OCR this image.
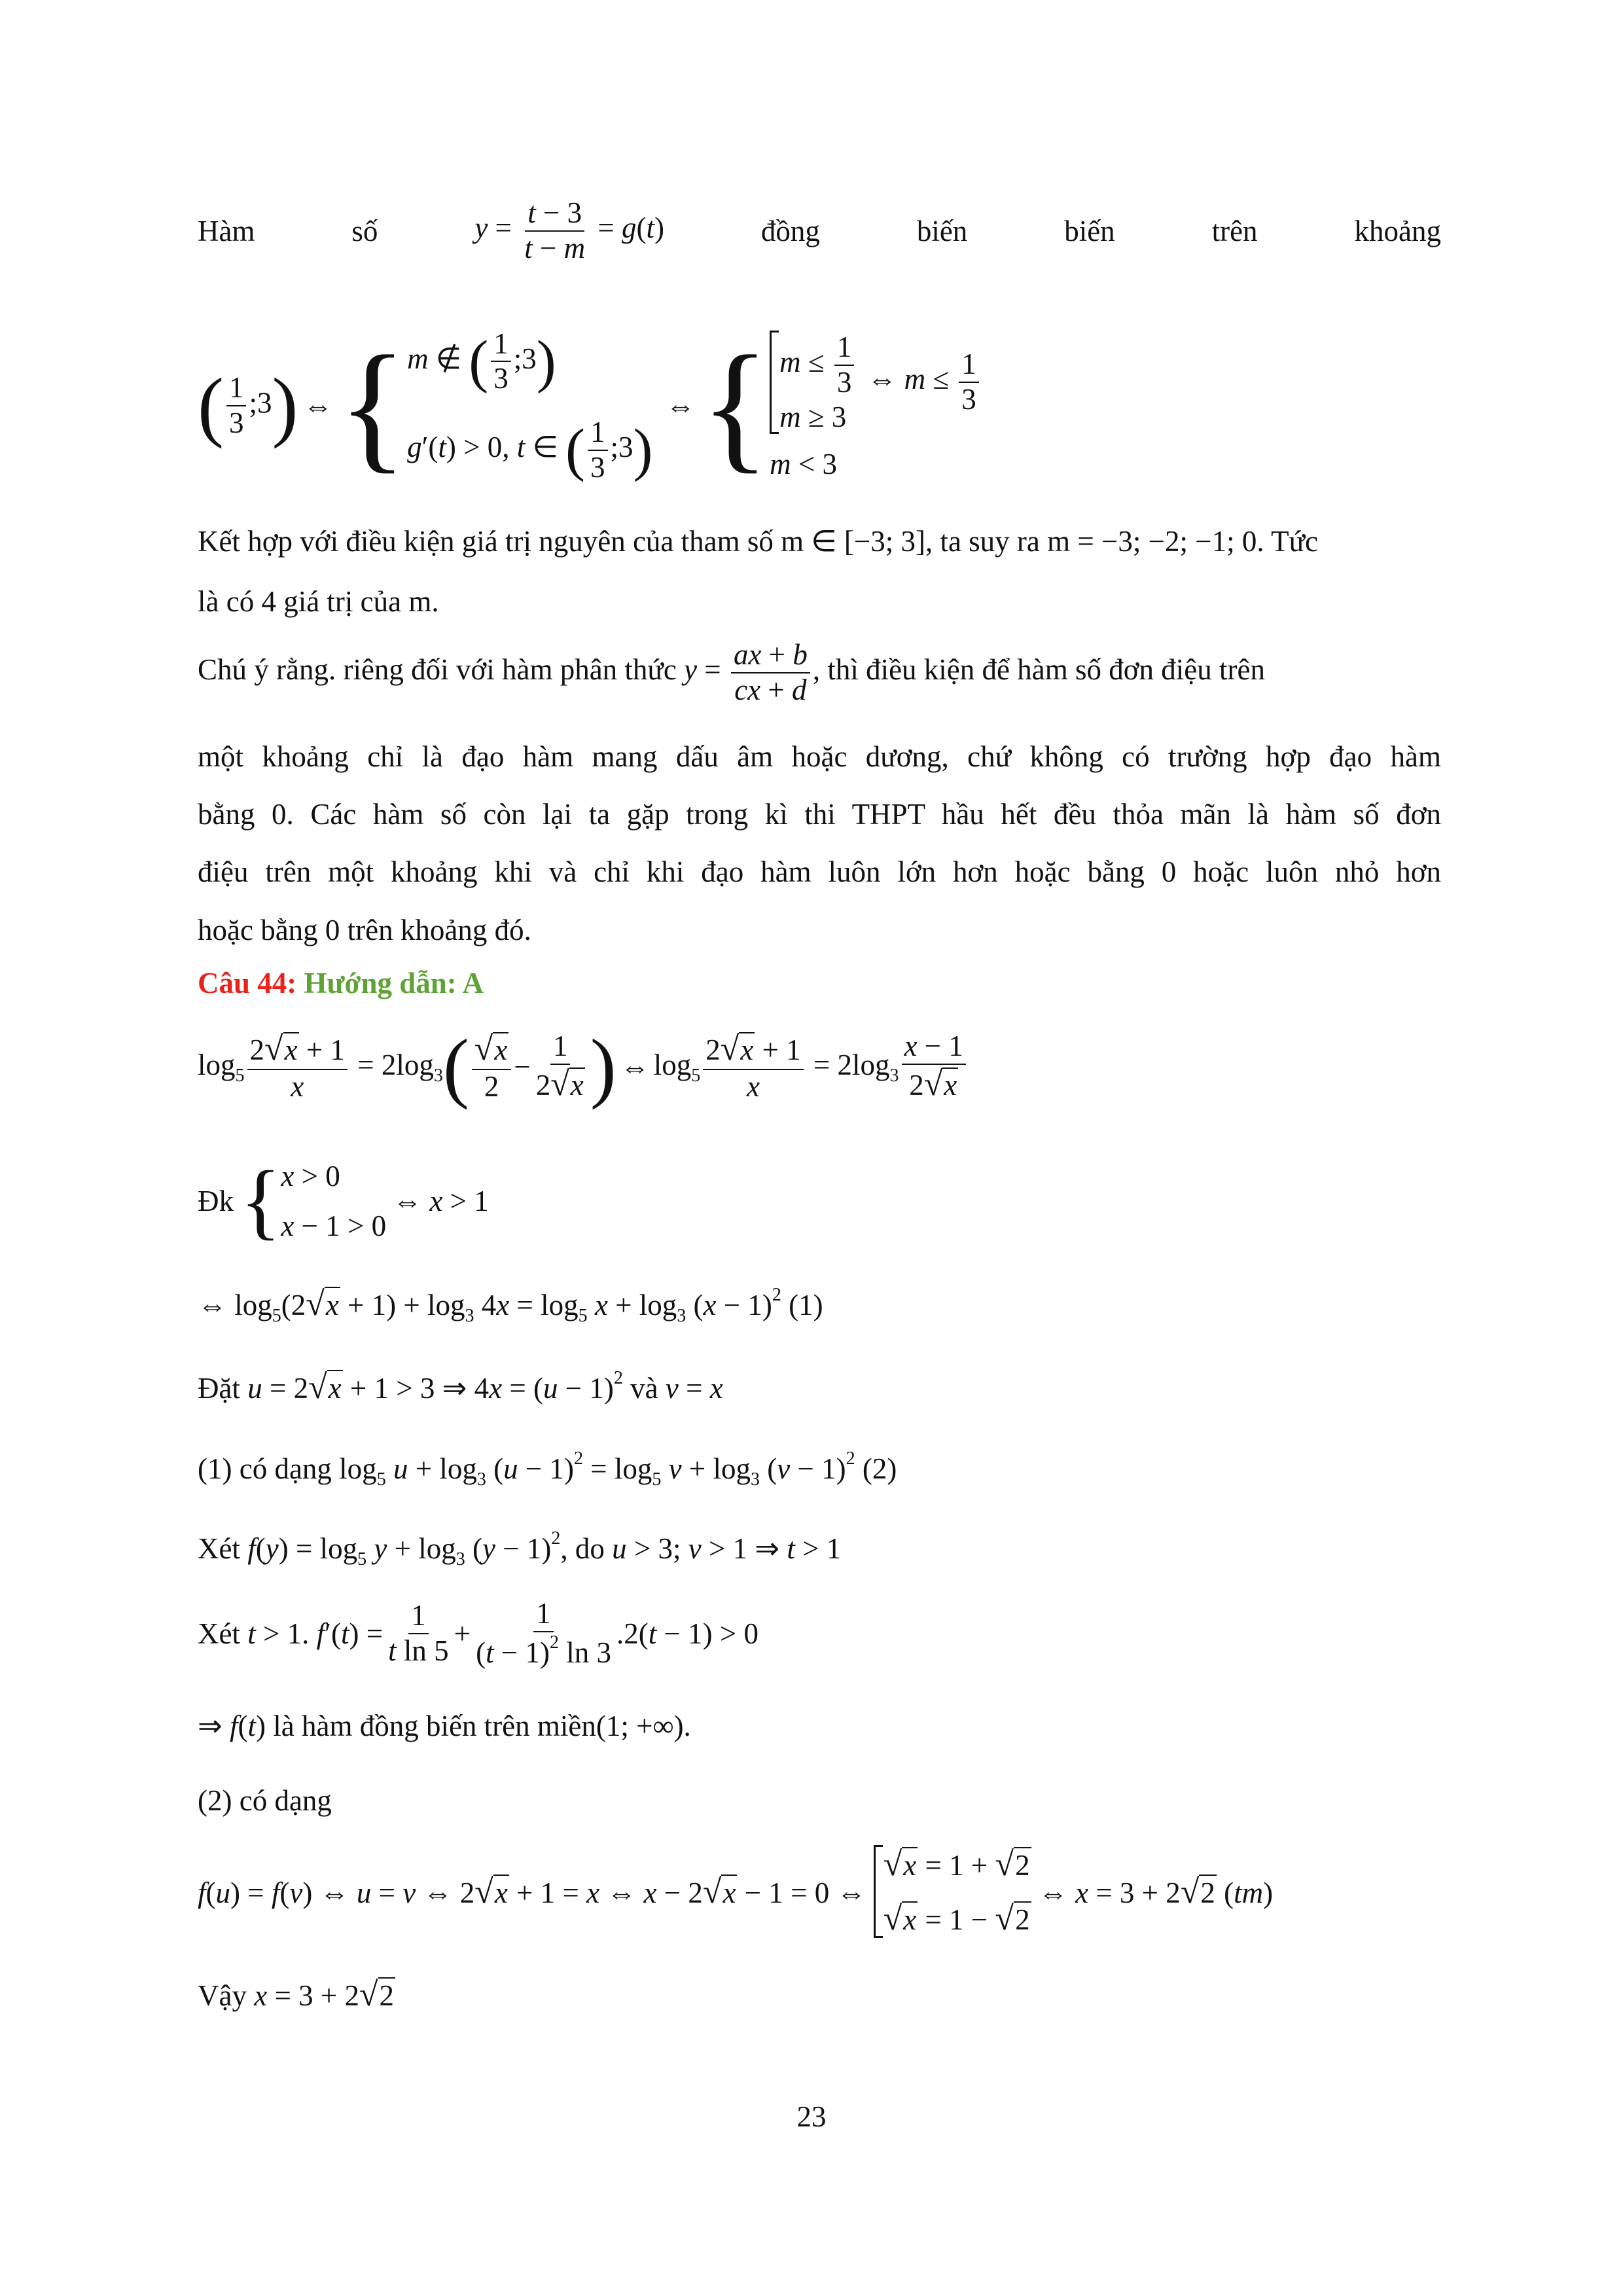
Hàm	số	$y = \frac{t - 3}{t - m} = g(t)$	đồng	biến	biến	trên	khoảng
( $\frac{1}{3}$ ;3) ⇔ { m ∉ ( $\frac{1}{3}$ ;3)
g′(t) > 0, t ∈ ( $\frac{1}{3}$ ;3)
⇔ { $m \le \frac{1}{3}$
m ≥ 3
⇔ $m \le \frac{1}{3}$
m < 3
Kết hợp với điều kiện giá trị nguyên của tham số m ∈ [−3; 3], ta suy ra m = −3; −2; −1; 0. Tức
là có 4 giá trị của m.
Chú ý rằng. riêng đối với hàm phân thức $y = \frac{ax + b}{cx + d}$ , thì điều kiện để hàm số đơn điệu trên
một khoảng chỉ là đạo hàm mang dấu âm hoặc dương, chứ không có trường hợp đạo hàm
bằng 0. Các hàm số còn lại ta gặp trong kì thi THPT hầu hết đều thỏa mãn là hàm số đơn
điệu trên một khoảng khi và chỉ khi đạo hàm luôn lớn hơn hoặc bằng 0 hoặc luôn nhỏ hơn
hoặc bằng 0 trên khoảng đó.
Câu 44: Hướng dẫn: A
$\log_5 \frac{2√x + 1}{x} = 2\log_3$ ( $\frac{√x}{2} - \frac{1}{2√x}$ ) ⇔ $\log_5 \frac{2√x + 1}{x} = 2\log_3 \frac{x - 1}{2√x}$
Đk { x > 0
x − 1 > 0
⇔ x > 1
⇔ $\log_5(2√x + 1) + \log_3 4x = \log_5 x + \log_3 (x - 1)^2$ (1)
Đặt u = 2√x + 1 > 3 ⇒ $4x = (u - 1)^2$ và v = x
(1) có dạng $\log_5 u + \log_3 (u - 1)^2 = \log_5 v + \log_3 (v - 1)^2$ (2)
Xét $f(y) = \log_5 y + \log_3 (y - 1)^2$, do u > 3; v > 1 ⇒ t > 1
Xét t > 1. $f'(t) = \frac{1}{\text{t ln 5}} + \frac{1}{(t - 1)^2 \ln 3} .2(t - 1) > 0$
⇒ f(t) là hàm đồng biến trên miền(1; +∞).
(2) có dạng
f(u) = f(v) ⇔ u = v ⇔ 2√x + 1 = x ⇔ x − 2√x − 1 = 0 ⇔
√x = 1 + √2
√x = 1 − √2
⇔ x = 3 + 2√2 (tm)
Vậy x = 3 + 2√2
23
